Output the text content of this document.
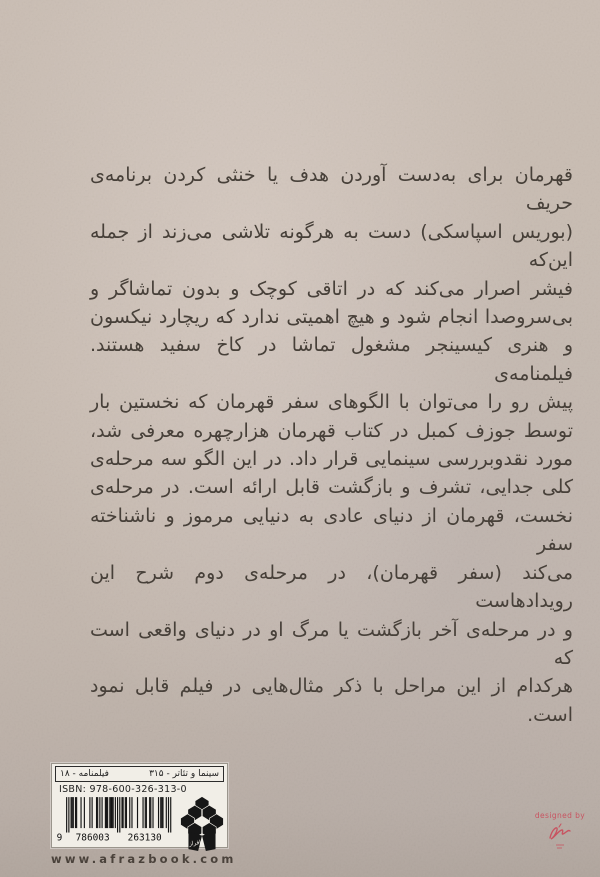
قهرمان برای به‌دست آوردن هدف یا خنثی کردن برنامه‌ی حریف
(بوریس اسپاسکی) دست به هرگونه تلاشی می‌زند از جمله این‌که
فیشر اصرار می‌کند که در اتاقی کوچک و بدون تماشاگر و
بی‌سروصدا انجام شود و هیچ اهمیتی ندارد که ریچارد نیکسون
و هنری کیسینجر مشغول تماشا در کاخ سفید هستند. فیلمنامه‌ی
پیش رو را می‌توان با الگوهای سفر قهرمان که نخستین بار
توسط جوزف کمبل در کتاب قهرمان هزارچهره معرفی شد،
مورد نقدوبررسی سینمایی قرار داد. در این الگو سه مرحله‌ی
کلی جدایی، تشرف و بازگشت قابل ارائه است. در مرحله‌ی
نخست، قهرمان از دنیای عادی به دنیایی مرموز و ناشناخته سفر
می‌کند (سفر قهرمان)، در مرحله‌ی دوم شرح این رویدادهاست
و در مرحله‌ی آخر بازگشت یا مرگ او در دنیای واقعی است که
هرکدام از این مراحل با ذکر مثال‌هایی در فیلم قابل نمود است.
سینما و تئاتر - ۳۱۵
فیلمنامه - ۱۸
ISBN: 978-600-326-313-0
9 786003 263130
افراز
www.afrazbook.com
designed by
